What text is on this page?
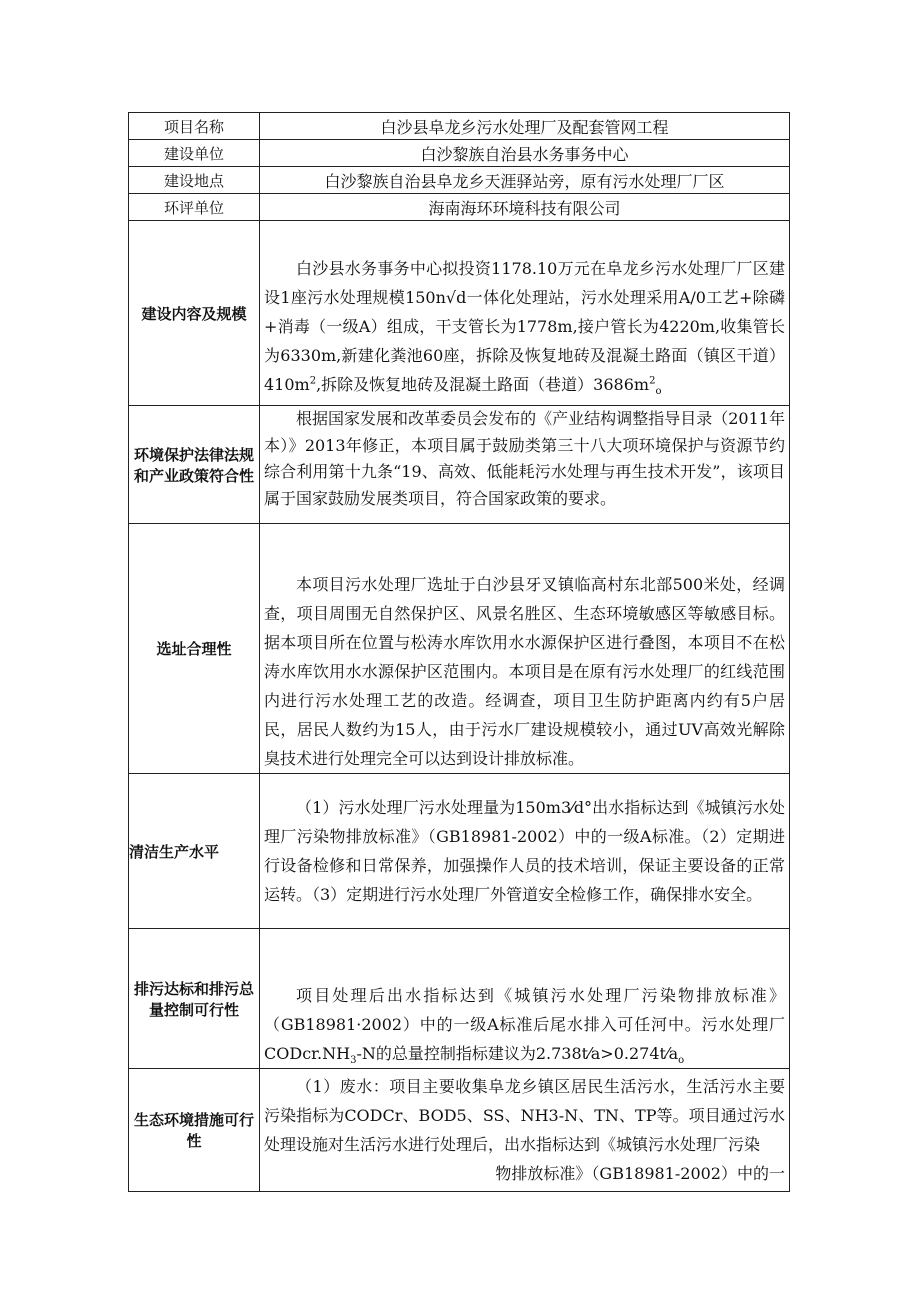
项目名称	白沙县阜龙乡污水处理厂及配套管网工程
建设单位	白沙黎族自治县水务事务中心
建设地点	白沙黎族自治县阜龙乡天涯驿站旁，原有污水处理厂厂区
环评单位	海南海环环境科技有限公司
建设内容及规模	白沙县水务事务中心拟投资1178.10万元在阜龙乡污水处理厂厂区建设1座污水处理规模150n√d一体化处理站，污水处理采用A/0工艺+除磷+消毒（一级A）组成，干支管长为1778m,接户管长为4220m,收集管长为6330m,新建化粪池60座，拆除及恢复地砖及混凝土路面（镇区干道）$410m^2$,拆除及恢复地砖及混凝土路面（巷道）$3686m^2_o$

环境保护法律法规和产业政策符合性	根据国家发展和改革委员会发布的《产业结构调整指导目录（2011年本）》2013年修正，本项目属于鼓励类第三十八大项环境保护与资源节约综合利用第十九条“19、高效、低能耗污水处理与再生技术开发”，该项目属于国家鼓励发展类项目，符合国家政策的要求。

选址合理性	本项目污水处理厂选址于白沙县牙叉镇临高村东北部500米处，经调查，项目周围无自然保护区、风景名胜区、生态环境敏感区等敏感目标。据本项目所在位置与松涛水库饮用水水源保护区进行叠图，本项目不在松涛水库饮用水水源保护区范围内。本项目是在原有污水处理厂的红线范围内进行污水处理工艺的改造。经调查，项目卫生防护距离内约有5户居民，居民人数约为15人，由于污水厂建设规模较小，通过UV高效光解除臭技术进行处理完全可以达到设计排放标准。

清洁生产水平	（1）污水处理厂污水处理量为150m3⁄d°出水指标达到《城镇污水处理厂污染物排放标准》（GB18981-2002）中的一级A标准。（2）定期进行设备检修和日常保养，加强操作人员的技术培训，保证主要设备的正常运转。（3）定期进行污水处理厂外管道安全检修工作，确保排水安全。

排污达标和排污总量控制可行性	项目处理后出水指标达到《城镇污水处理厂污染物排放标准》（GB18981·2002）中的一级A标准后尾水排入可任河中。污水处理厂$CODcr.NH_3-N$的总量控制指标建议为$2.738t⁄a>0.274t⁄a_o$

生态环境措施可行性	（1）废水：项目主要收集阜龙乡镇区居民生活污水，生活污水主要污染指标为CODCr、BOD5、SS、NH3-N、TN、TP等。项目通过污水处理设施对生活污水进行处理后，出水指标达到《城镇污水处理厂污染
物排放标准》（GB18981-2002）中的一
